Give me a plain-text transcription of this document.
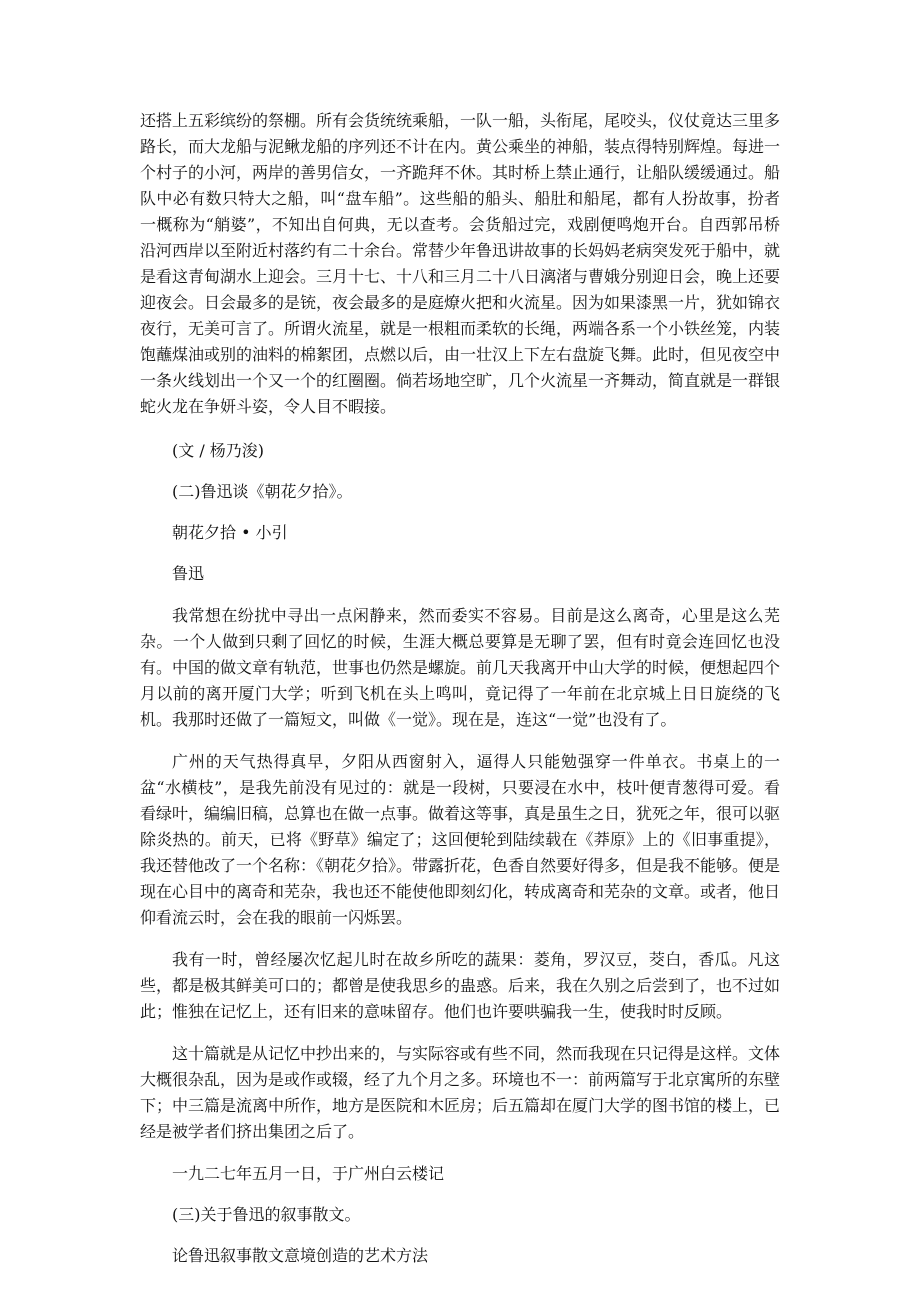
还搭上五彩缤纷的祭棚。所有会货统统乘船，一队一船，头衔尾，尾咬头，仪仗竟达三里多路长，而大龙船与泥鳅龙船的序列还不计在内。黄公乘坐的神船，装点得特别辉煌。每进一个村子的小河，两岸的善男信女，一齐跪拜不休。其时桥上禁止通行，让船队缓缓通过。船队中必有数只特大之船，叫“盘车船”。这些船的船头、船肚和船尾，都有人扮故事，扮者一概称为“艄婆”，不知出自何典，无以查考。会货船过完，戏剧便鸣炮开台。自西郭吊桥沿河西岸以至附近村落约有二十余台。常替少年鲁迅讲故事的长妈妈老病突发死于船中，就是看这青甸湖水上迎会。三月十七、十八和三月二十八日漓渚与曹娥分别迎日会，晚上还要迎夜会。日会最多的是铳，夜会最多的是庭燎火把和火流星。因为如果漆黑一片，犹如锦衣夜行，无美可言了。所谓火流星，就是一根粗而柔软的长绳，两端各系一个小铁丝笼，内装饱蘸煤油或别的油料的棉絮团，点燃以后，由一壮汉上下左右盘旋飞舞。此时，但见夜空中一条火线划出一个又一个的红圈圈。倘若场地空旷，几个火流星一齐舞动，简直就是一群银蛇火龙在争妍斗姿，令人目不暇接。

(文 / 杨乃浚)

(二)鲁迅谈《朝花夕拾》。

朝花夕拾 • 小引

鲁迅

我常想在纷扰中寻出一点闲静来，然而委实不容易。目前是这么离奇，心里是这么芜杂。一个人做到只剩了回忆的时候，生涯大概总要算是无聊了罢，但有时竟会连回忆也没有。中国的做文章有轨范，世事也仍然是螺旋。前几天我离开中山大学的时候，便想起四个月以前的离开厦门大学；听到飞机在头上鸣叫，竟记得了一年前在北京城上日日旋绕的飞机。我那时还做了一篇短文，叫做《一觉》。现在是，连这“一觉”也没有了。

广州的天气热得真早，夕阳从西窗射入，逼得人只能勉强穿一件单衣。书桌上的一盆“水横枝”，是我先前没有见过的：就是一段树，只要浸在水中，枝叶便青葱得可爱。看看绿叶，编编旧稿，总算也在做一点事。做着这等事，真是虽生之日，犹死之年，很可以驱除炎热的。前天，已将《野草》编定了；这回便轮到陆续载在《莽原》上的《旧事重提》，我还替他改了一个名称：《朝花夕拾》。带露折花，色香自然要好得多，但是我不能够。便是现在心目中的离奇和芜杂，我也还不能使他即刻幻化，转成离奇和芜杂的文章。或者，他日仰看流云时，会在我的眼前一闪烁罢。

我有一时，曾经屡次忆起儿时在故乡所吃的蔬果：菱角，罗汉豆，茭白，香瓜。凡这些，都是极其鲜美可口的；都曾是使我思乡的蛊惑。后来，我在久别之后尝到了，也不过如此；惟独在记忆上，还有旧来的意味留存。他们也许要哄骗我一生，使我时时反顾。

这十篇就是从记忆中抄出来的，与实际容或有些不同，然而我现在只记得是这样。文体大概很杂乱，因为是或作或辍，经了九个月之多。环境也不一：前两篇写于北京寓所的东壁下；中三篇是流离中所作，地方是医院和木匠房；后五篇却在厦门大学的图书馆的楼上，已经是被学者们挤出集团之后了。

一九二七年五月一日，于广州白云楼记

(三)关于鲁迅的叙事散文。

论鲁迅叙事散文意境创造的艺术方法
